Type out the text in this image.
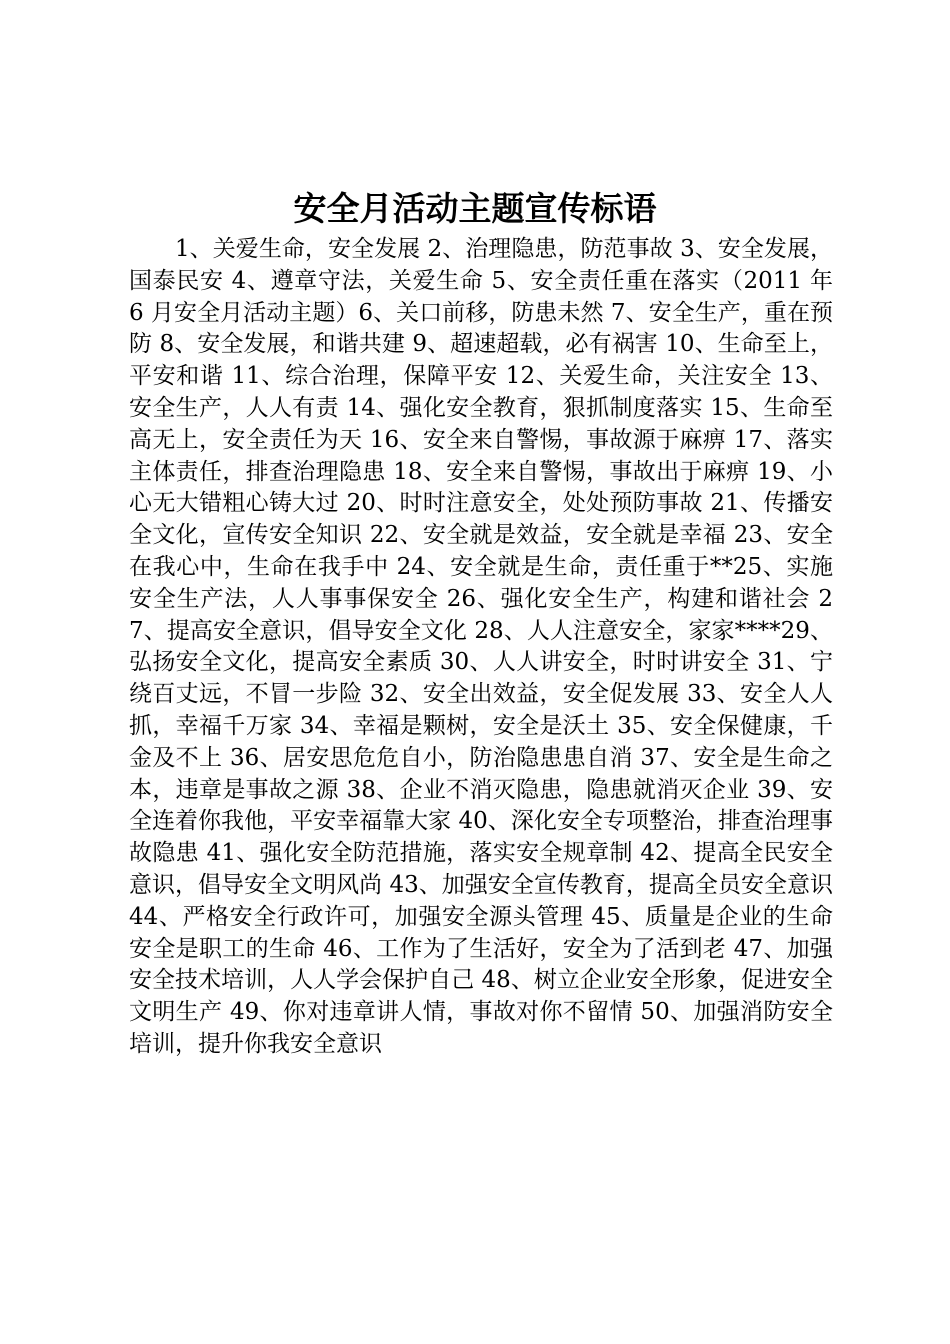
安全月活动主题宣传标语

1、关爱生命，安全发展 2、治理隐患，防范事故 3、安全发展，国泰民安 4、遵章守法，关爱生命 5、安全责任重在落实（2011 年 6 月安全月活动主题）6、关口前移，防患未然 7、安全生产，重在预防 8、安全发展，和谐共建 9、超速超载，必有祸害 10、生命至上，平安和谐 11、综合治理，保障平安 12、关爱生命，关注安全 13、安全生产，人人有责 14、强化安全教育，狠抓制度落实 15、生命至高无上，安全责任为天 16、安全来自警惕，事故源于麻痹 17、落实主体责任，排查治理隐患 18、安全来自警惕，事故出于麻痹 19、小心无大错粗心铸大过 20、时时注意安全，处处预防事故 21、传播安全文化，宣传安全知识 22、安全就是效益，安全就是幸福 23、安全在我心中，生命在我手中 24、安全就是生命，责任重于**25、实施安全生产法，人人事事保安全 26、强化安全生产，构建和谐社会 27、提高安全意识，倡导安全文化 28、人人注意安全，家家****29、弘扬安全文化，提高安全素质 30、人人讲安全，时时讲安全 31、宁绕百丈远，不冒一步险 32、安全出效益，安全促发展 33、安全人人抓，幸福千万家 34、幸福是颗树，安全是沃土 35、安全保健康，千金及不上 36、居安思危危自小，防治隐患患自消 37、安全是生命之本，违章是事故之源 38、企业不消灭隐患，隐患就消灭企业 39、安全连着你我他，平安幸福靠大家 40、深化安全专项整治，排查治理事故隐患 41、强化安全防范措施，落实安全规章制 42、提高全民安全意识，倡导安全文明风尚 43、加强安全宣传教育，提高全员安全意识 44、严格安全行政许可，加强安全源头管理 45、质量是企业的生命安全是职工的生命 46、工作为了生活好，安全为了活到老 47、加强安全技术培训，人人学会保护自己 48、树立企业安全形象，促进安全文明生产 49、你对违章讲人情，事故对你不留情 50、加强消防安全培训，提升你我安全意识
